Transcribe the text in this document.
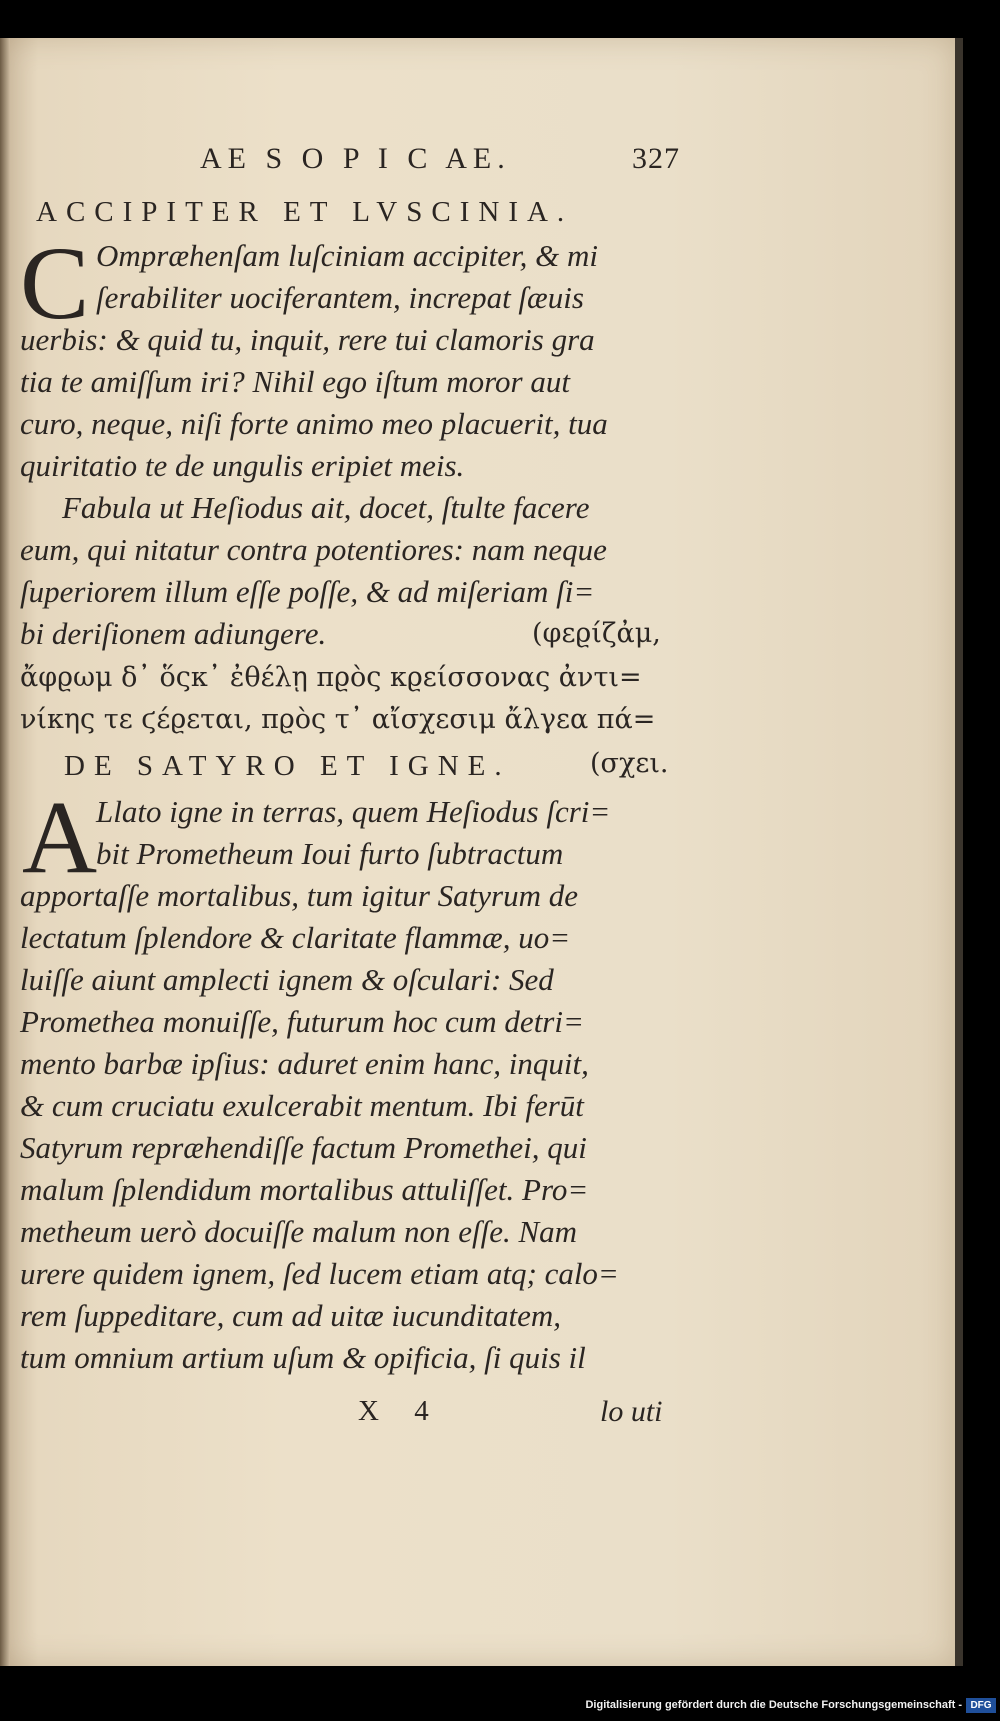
AE S O P I C AE.	327
ACCIPITER ET LVSCINIA.
C Ompræhenſam luſciniam accipiter, & mi
ſerabiliter uociferantem, increpat ſæuis
uerbis: & quid tu, inquit, rere tui clamoris gra
tia te amiſſum iri? Nihil ego iſtum moror aut
curo, neque, niſi forte animo meo placuerit, tua
quiritatio te de ungulis eripiet meis.
Fabula ut Heſiodus ait, docet, ſtulte facere
eum, qui nitatur contra potentiores: nam neque
ſuperiorem illum eſſe poſſe, & ad miſeriam ſi=
bi deriſionem adiungere.	(φεϱίζἀμ,
ἄφϱωμ δ᾽ ὅςκ᾽ ἐθέλῃ πϱὸς κϱείσσονας ἀντι=
νίκης τε ϛέϱεται, πϱὸς τ᾽ αἴσχεσιμ ἄλγεα πά=
DE SATYRO ET IGNE.	(σχει.
A
Llato igne in terras, quem Heſiodus ſcri=
bit Prometheum Ioui furto ſubtractum
apportaſſe mortalibus, tum igitur Satyrum de
lectatum ſplendore & claritate flammæ, uo=
luiſſe aiunt amplecti ignem & oſculari: Sed
Promethea monuiſſe, futurum hoc cum detri=
mento barbæ ipſius: aduret enim hanc, inquit,
& cum cruciatu exulcerabit mentum. Ibi ferūt
Satyrum repræhendiſſe factum Promethei, qui
malum ſplendidum mortalibus attuliſſet. Pro=
metheum uerò docuiſſe malum non eſſe. Nam
urere quidem ignem, ſed lucem etiam atq; calo=
rem ſuppeditare, cum ad uitæ iucunditatem,
tum omnium artium uſum & opificia, ſi quis il
X 4	lo uti
Digitalisierung gefördert durch die Deutsche Forschungsgemeinschaft - DFG
